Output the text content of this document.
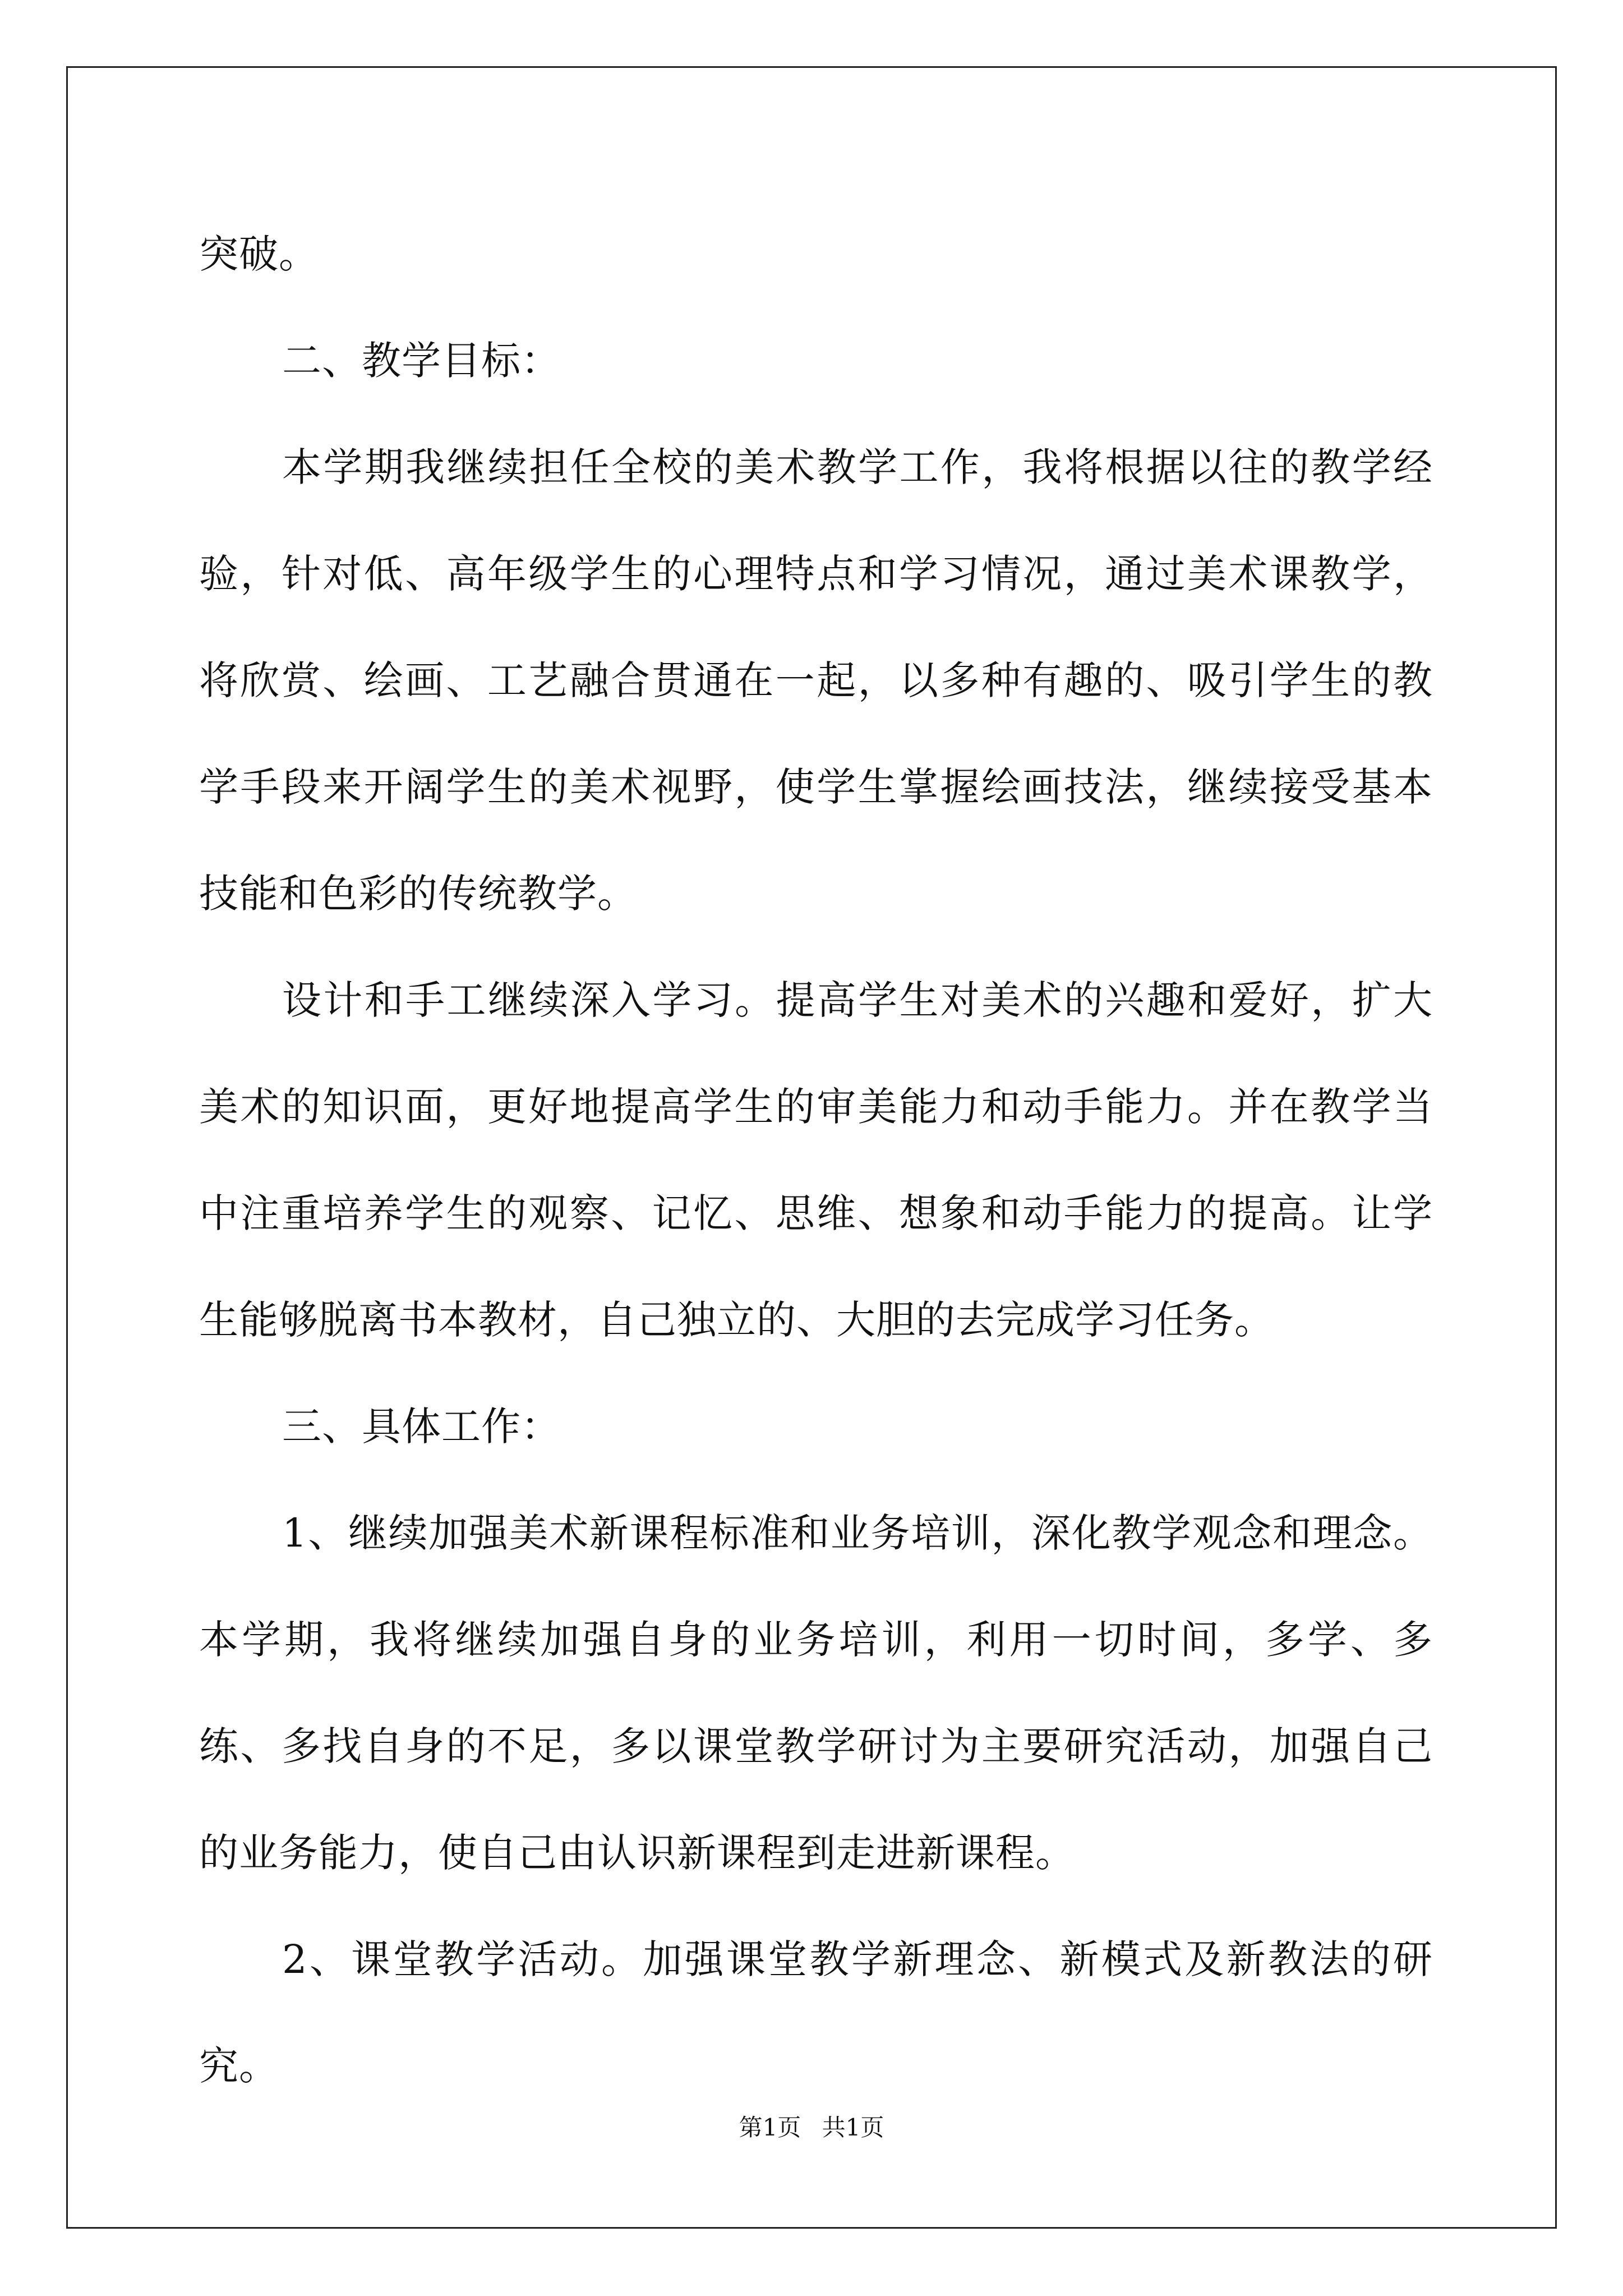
突破。

二、教学目标：

本学期我继续担任全校的美术教学工作，我将根据以往的教学经验，针对低、高年级学生的心理特点和学习情况，通过美术课教学，将欣赏、绘画、工艺融合贯通在一起，以多种有趣的、吸引学生的教学手段来开阔学生的美术视野，使学生掌握绘画技法，继续接受基本技能和色彩的传统教学。

设计和手工继续深入学习。提高学生对美术的兴趣和爱好，扩大美术的知识面，更好地提高学生的审美能力和动手能力。并在教学当中注重培养学生的观察、记忆、思维、想象和动手能力的提高。让学生能够脱离书本教材，自己独立的、大胆的去完成学习任务。

三、具体工作：

1、继续加强美术新课程标准和业务培训，深化教学观念和理念。本学期，我将继续加强自身的业务培训，利用一切时间，多学、多练、多找自身的不足，多以课堂教学研讨为主要研究活动，加强自己的业务能力，使自己由认识新课程到走进新课程。

2、课堂教学活动。加强课堂教学新理念、新模式及新教法的研究。

第1页 共1页
